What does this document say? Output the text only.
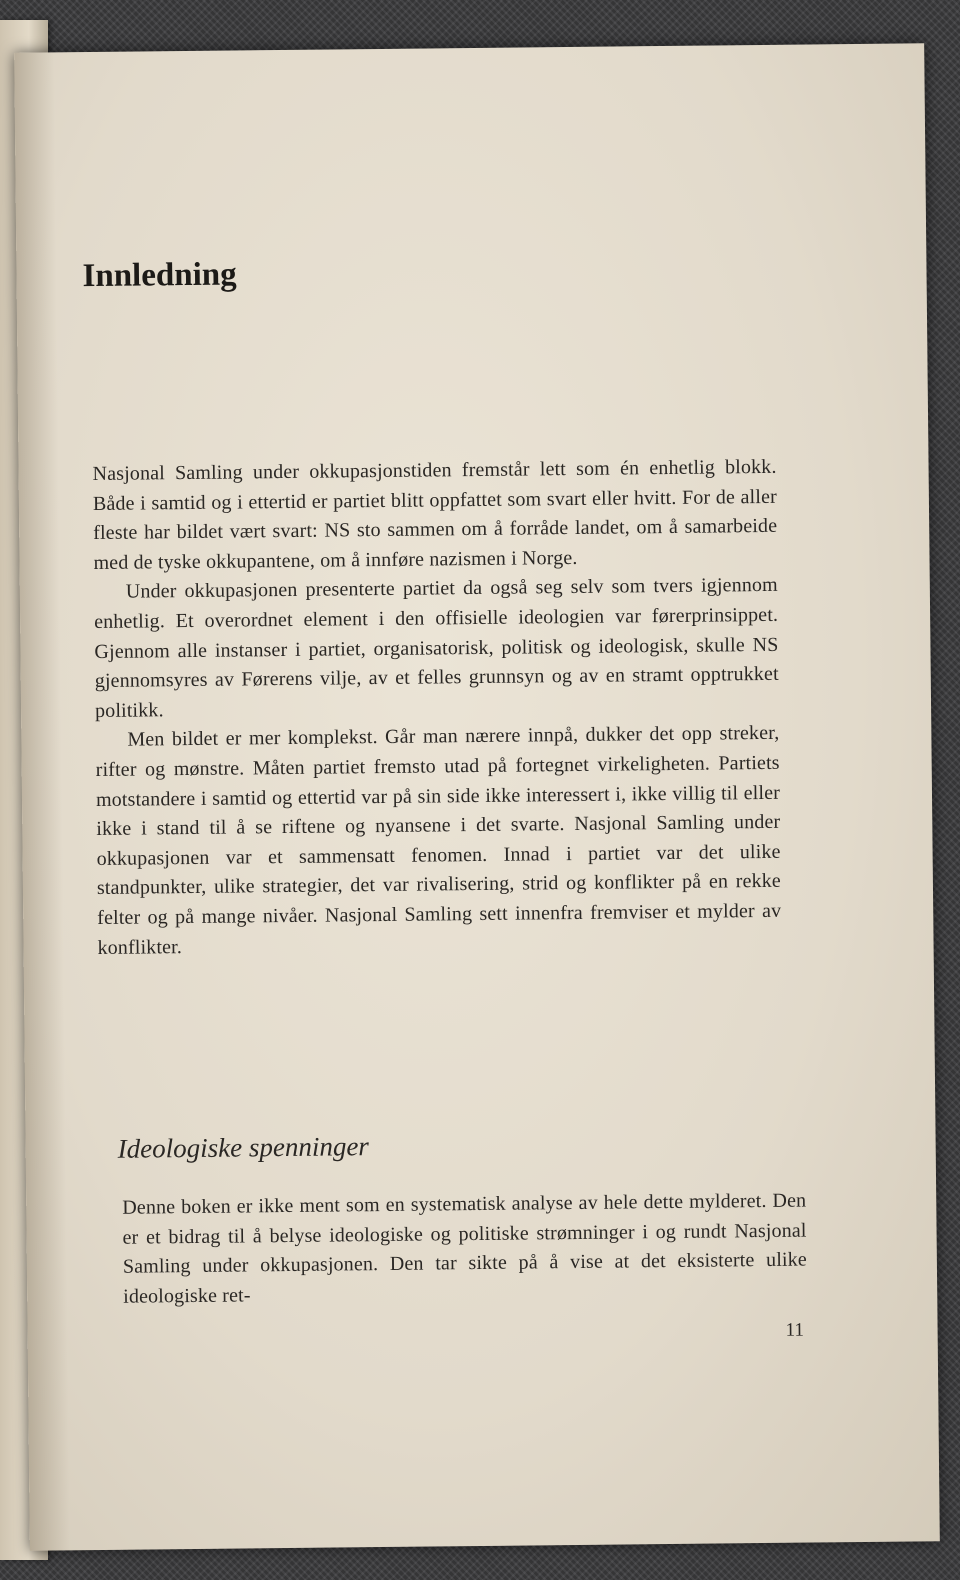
Innledning

Nasjonal Samling under okkupasjonstiden fremstår lett som én enhetlig blokk. Både i samtid og i ettertid er partiet blitt oppfattet som svart eller hvitt. For de aller fleste har bildet vært svart: NS sto sammen om å forråde landet, om å samarbeide med de tyske okkupantene, om å innføre nazismen i Norge.

Under okkupasjonen presenterte partiet da også seg selv som tvers igjennom enhetlig. Et overordnet element i den offisielle ideologien var førerprinsippet. Gjennom alle instanser i partiet, organisatorisk, politisk og ideologisk, skulle NS gjennomsyres av Førerens vilje, av et felles grunnsyn og av en stramt opptrukket politikk.

Men bildet er mer komplekst. Går man nærere innpå, dukker det opp streker, rifter og mønstre. Måten partiet fremsto utad på fortegnet virkeligheten. Partiets motstandere i samtid og ettertid var på sin side ikke interessert i, ikke villig til eller ikke i stand til å se riftene og nyansene i det svarte. Nasjonal Samling under okkupasjonen var et sammensatt fenomen. Innad i partiet var det ulike standpunkter, ulike strategier, det var rivalisering, strid og konflikter på en rekke felter og på mange nivåer. Nasjonal Samling sett innenfra fremviser et mylder av konflikter.

Ideologiske spenninger

Denne boken er ikke ment som en systematisk analyse av hele dette mylderet. Den er et bidrag til å belyse ideologiske og politiske strømninger i og rundt Nasjonal Samling under okkupasjonen. Den tar sikte på å vise at det eksisterte ulike ideologiske ret-

11
